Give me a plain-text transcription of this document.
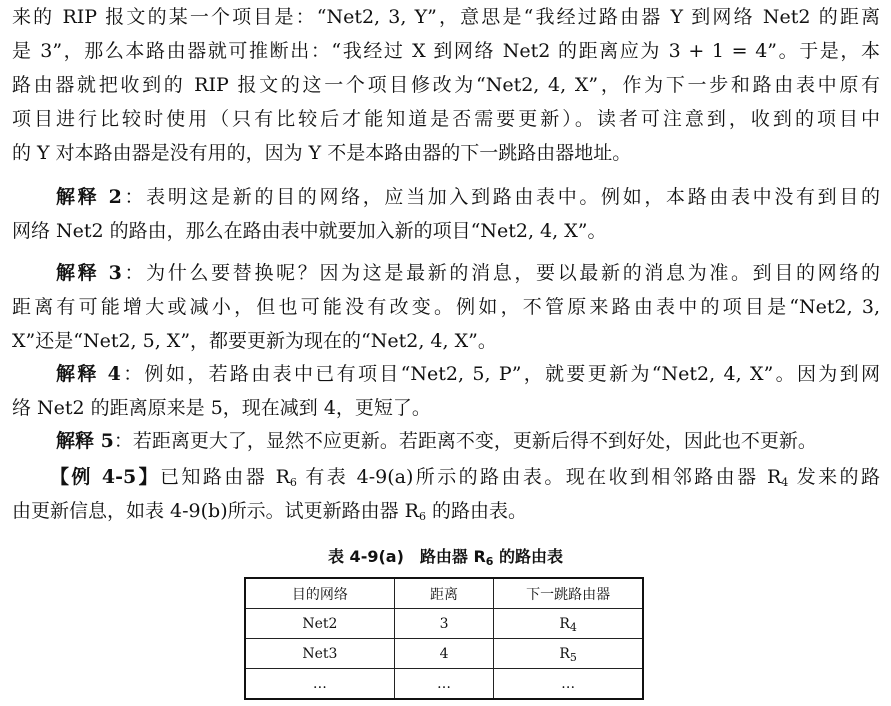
来的 RIP 报文的某一个项目是：“Net2, 3, Y”，意思是“我经过路由器 Y 到网络 Net2 的距离
是 3”，那么本路由器就可推断出：“我经过 X 到网络 Net2 的距离应为 3 + 1 = 4”。于是，本
路由器就把收到的 RIP 报文的这一个项目修改为“Net2, 4, X”，作为下一步和路由表中原有
项目进行比较时使用（只有比较后才能知道是否需要更新）。读者可注意到，收到的项目中
的 Y 对本路由器是没有用的，因为 Y 不是本路由器的下一跳路由器地址。
解释 2：表明这是新的目的网络，应当加入到路由表中。例如，本路由表中没有到目的
网络 Net2 的路由，那么在路由表中就要加入新的项目“Net2, 4, X”。
解释 3：为什么要替换呢？因为这是最新的消息，要以最新的消息为准。到目的网络的
距离有可能增大或减小，但也可能没有改变。例如，不管原来路由表中的项目是“Net2, 3,
X”还是“Net2, 5, X”，都要更新为现在的“Net2, 4, X”。
解释 4：例如，若路由表中已有项目“Net2, 5, P”，就要更新为“Net2, 4, X”。因为到网
络 Net2 的距离原来是 5，现在减到 4，更短了。
解释 5：若距离更大了，显然不应更新。若距离不变，更新后得不到好处，因此也不更新。
【例 4-5】已知路由器 $R_6$ 有表 4-9(a)所示的路由表。现在收到相邻路由器 $R_4$ 发来的路
由更新信息，如表 4-9(b)所示。试更新路由器 $R_6$ 的路由表。
表 4-9(a)　路由器 $R_6$ 的路由表
目的网络	距离	下一跳路由器
Net2	3	$R_4$
Net3	4	$R_5$
…	…	…
